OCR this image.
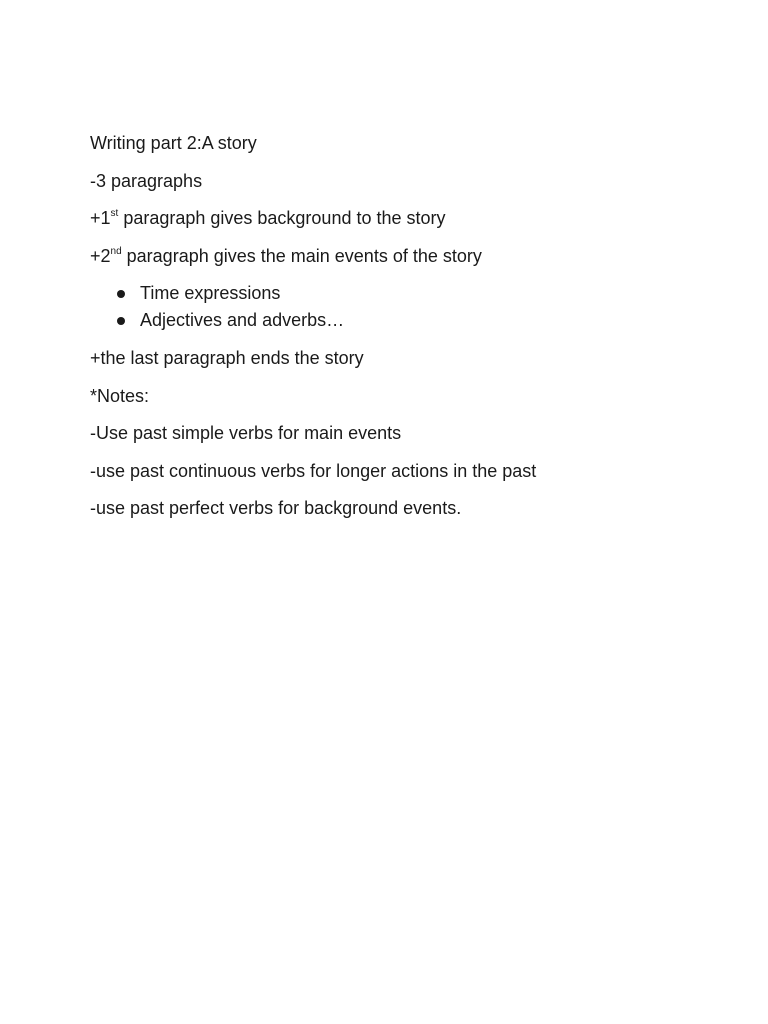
Writing part 2:A story

-3 paragraphs

+1st paragraph gives background to the story

+2nd paragraph gives the main events of the story

Time expressions
Adjectives and adverbs…

+the last paragraph ends the story

*Notes:

-Use past simple verbs for main events

-use past continuous verbs for longer actions in the past

-use past perfect verbs for background events.
